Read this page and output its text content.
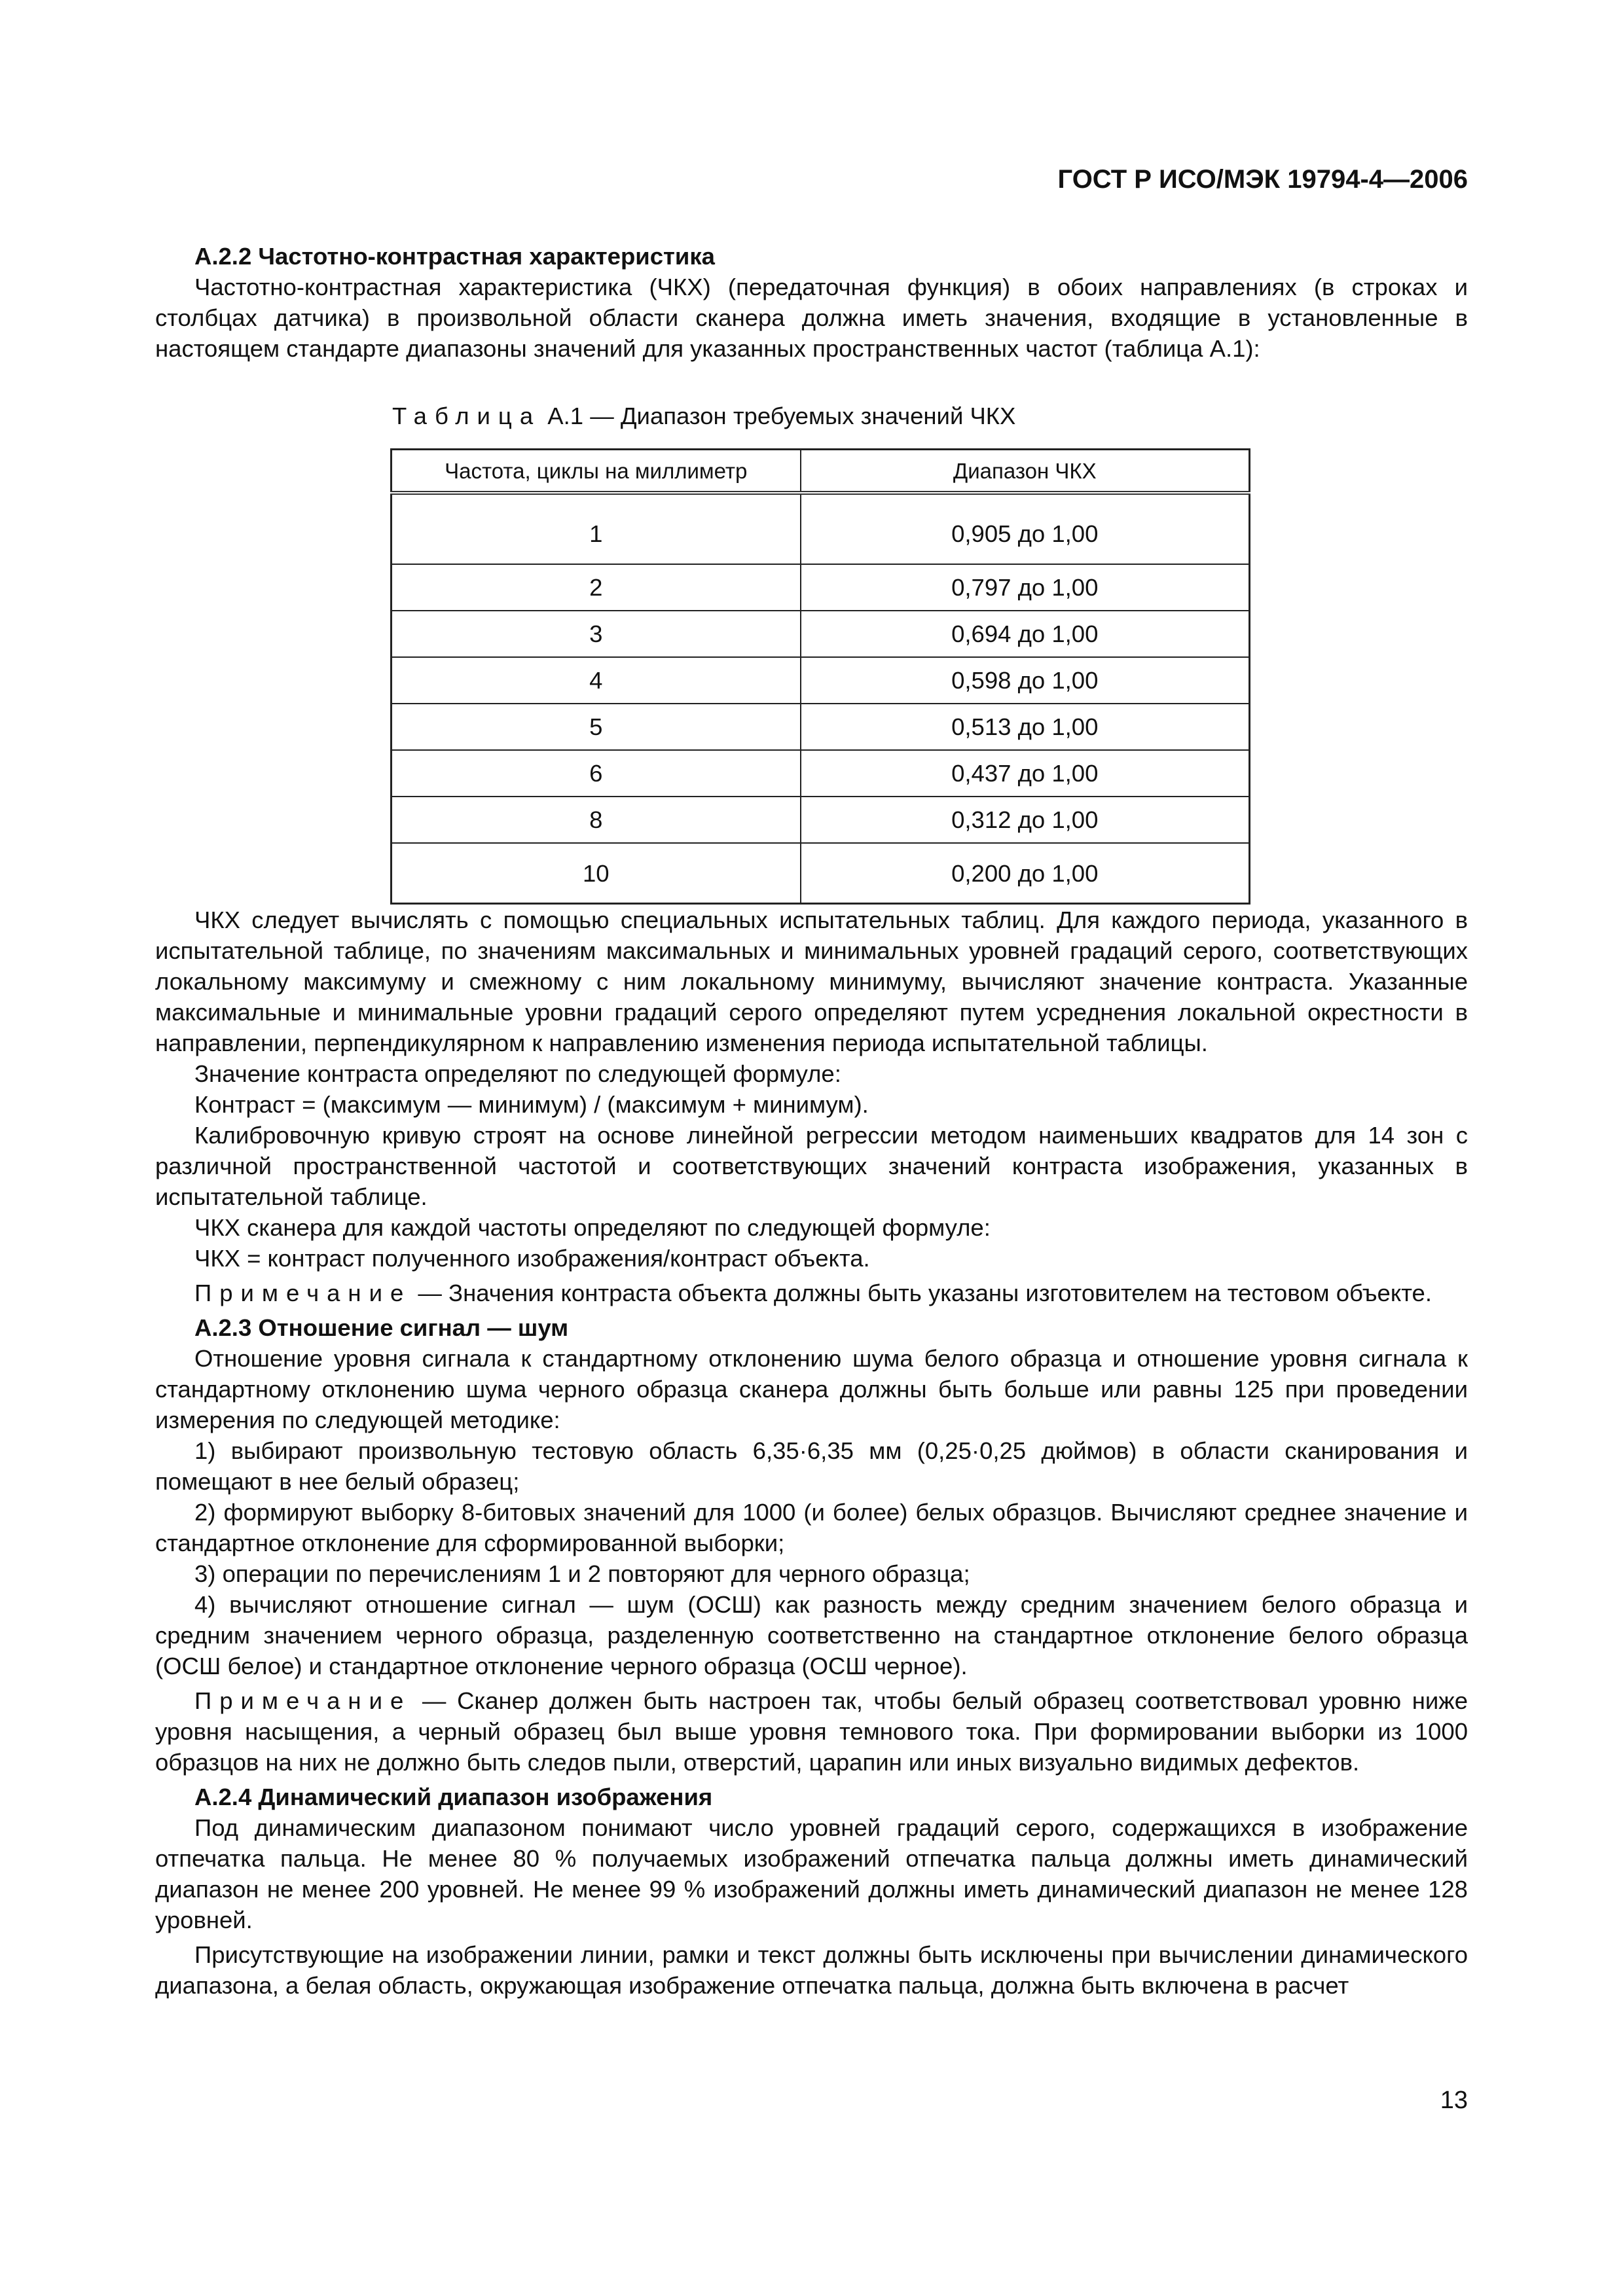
ГОСТ Р ИСО/МЭК 19794-4—2006
А.2.2 Частотно-контрастная характеристика

Частотно-контрастная характеристика (ЧКХ) (передаточная функция) в обоих направлениях (в строках и столбцах датчика) в произвольной области сканера должна иметь значения, входящие в установленные в настоящем стандарте диапазоны значений для указанных пространственных частот (таблица А.1):

Таблица А.1 — Диапазон требуемых значений ЧКХ
Частота, циклы на миллиметр	Диапазон ЧКХ
1	0,905 до 1,00
2	0,797 до 1,00
3	0,694 до 1,00
4	0,598 до 1,00
5	0,513 до 1,00
6	0,437 до 1,00
8	0,312 до 1,00
10	0,200 до 1,00

ЧКХ следует вычислять с помощью специальных испытательных таблиц. Для каждого периода, указанного в испытательной таблице, по значениям максимальных и минимальных уровней градаций серого, соответствующих локальному максимуму и смежному с ним локальному минимуму, вычисляют значение контраста. Указанные максимальные и минимальные уровни градаций серого определяют путем усреднения локальной окрестности в направлении, перпендикулярном к направлению изменения периода испытательной таблицы.

Значение контраста определяют по следующей формуле:

Контраст = (максимум — минимум) / (максимум + минимум).

Калибровочную кривую строят на основе линейной регрессии методом наименьших квадратов для 14 зон с различной пространственной частотой и соответствующих значений контраста изображения, указанных в испытательной таблице.

ЧКХ сканера для каждой частоты определяют по следующей формуле:

ЧКХ = контраст полученного изображения/контраст объекта.

Примечание — Значения контраста объекта должны быть указаны изготовителем на тестовом объекте.

А.2.3 Отношение сигнал — шум

Отношение уровня сигнала к стандартному отклонению шума белого образца и отношение уровня сигнала к стандартному отклонению шума черного образца сканера должны быть больше или равны 125 при проведении измерения по следующей методике:

1) выбирают произвольную тестовую область 6,35·6,35 мм (0,25·0,25 дюймов) в области сканирования и помещают в нее белый образец;

2) формируют выборку 8-битовых значений для 1000 (и более) белых образцов. Вычисляют среднее значение и стандартное отклонение для сформированной выборки;

3) операции по перечислениям 1 и 2 повторяют для черного образца;

4) вычисляют отношение сигнал — шум (ОСШ) как разность между средним значением белого образца и средним значением черного образца, разделенную соответственно на стандартное отклонение белого образца (ОСШ белое) и стандартное отклонение черного образца (ОСШ черное).

Примечание — Сканер должен быть настроен так, чтобы белый образец соответствовал уровню ниже уровня насыщения, а черный образец был выше уровня темнового тока. При формировании выборки из 1000 образцов на них не должно быть следов пыли, отверстий, царапин или иных визуально видимых дефектов.

А.2.4 Динамический диапазон изображения

Под динамическим диапазоном понимают число уровней градаций серого, содержащихся в изображение отпечатка пальца. Не менее 80 % получаемых изображений отпечатка пальца должны иметь динамический диапазон не менее 200 уровней. Не менее 99 % изображений должны иметь динамический диапазон не менее 128 уровней.

Присутствующие на изображении линии, рамки и текст должны быть исключены при вычислении динамического диапазона, а белая область, окружающая изображение отпечатка пальца, должна быть включена в расчет

13
